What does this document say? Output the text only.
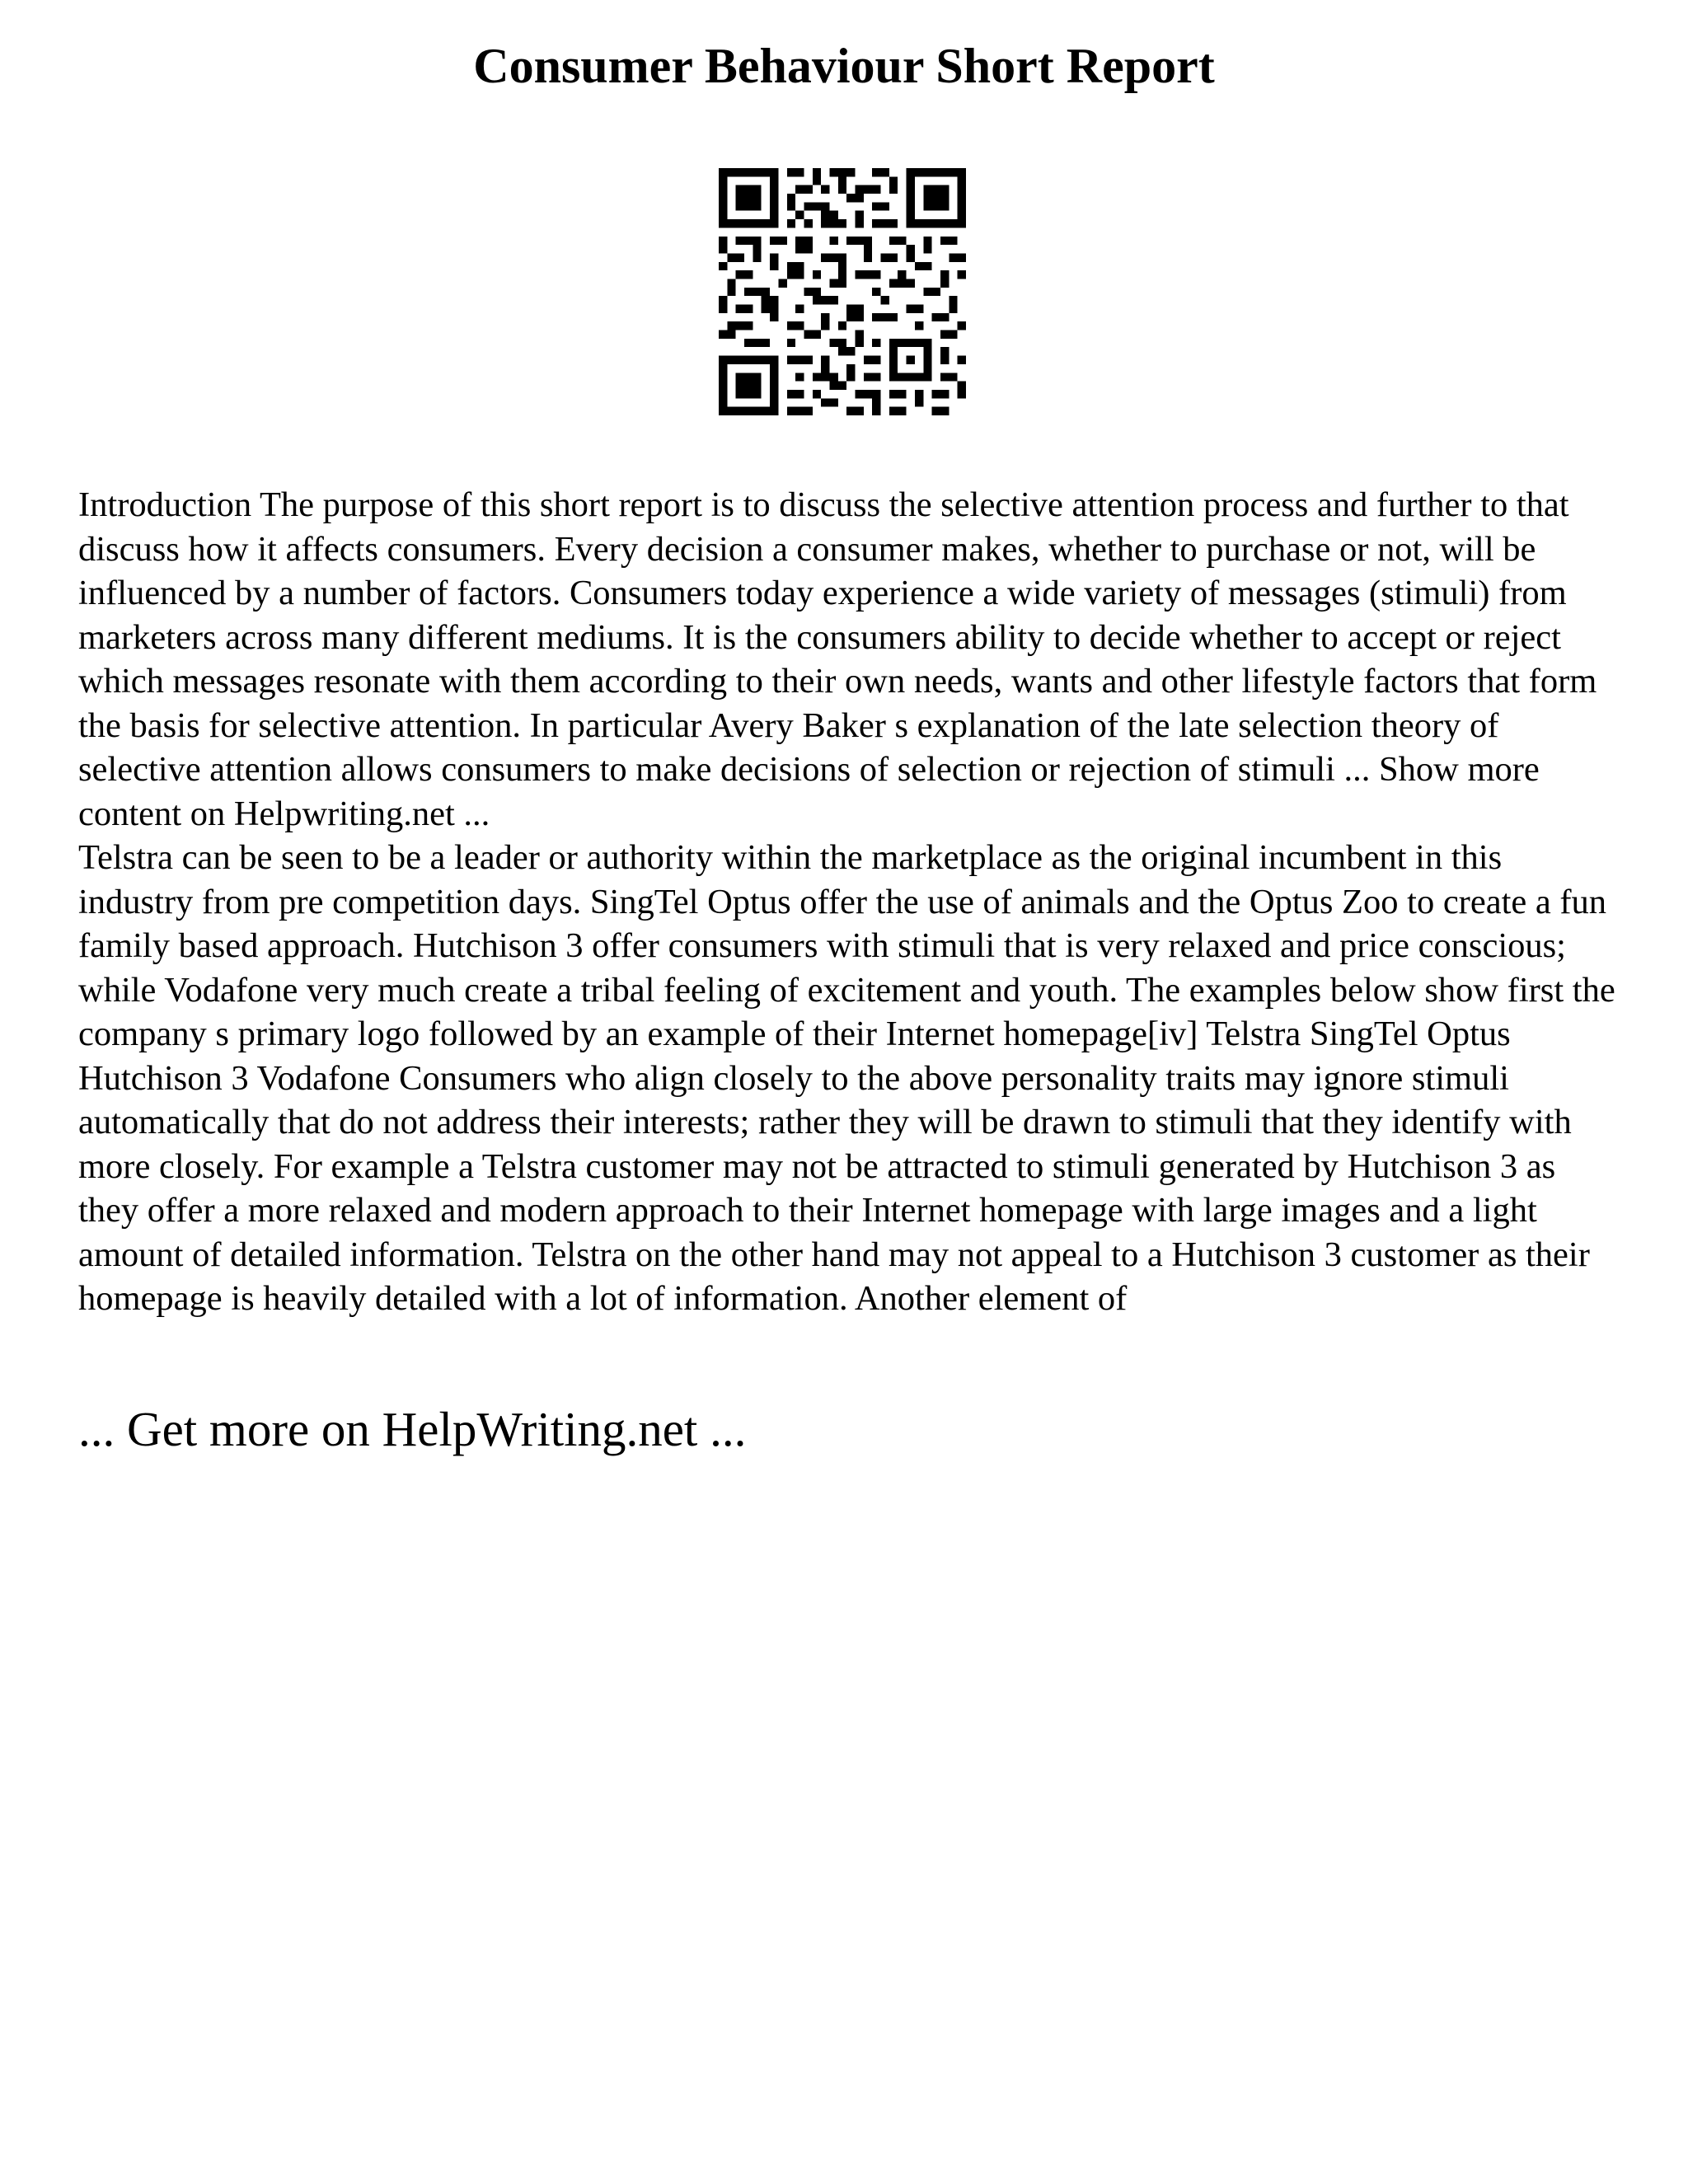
Consumer Behaviour Short Report

Introduction The purpose of this short report is to discuss the selective attention process and further to that discuss how it affects consumers. Every decision a consumer makes, whether to purchase or not, will be influenced by a number of factors. Consumers today experience a wide variety of messages (stimuli) from marketers across many different mediums. It is the consumers ability to decide whether to accept or reject which messages resonate with them according to their own needs, wants and other lifestyle factors that form the basis for selective attention. In particular Avery Baker s explanation of the late selection theory of selective attention allows consumers to make decisions of selection or rejection of stimuli ... Show more content on Helpwriting.net ...

Telstra can be seen to be a leader or authority within the marketplace as the original incumbent in this industry from pre competition days. SingTel Optus offer the use of animals and the Optus Zoo to create a fun family based approach. Hutchison 3 offer consumers with stimuli that is very relaxed and price conscious; while Vodafone very much create a tribal feeling of excitement and youth. The examples below show first the company s primary logo followed by an example of their Internet homepage[iv] Telstra SingTel Optus Hutchison 3 Vodafone Consumers who align closely to the above personality traits may ignore stimuli automatically that do not address their interests; rather they will be drawn to stimuli that they identify with more closely. For example a Telstra customer may not be attracted to stimuli generated by Hutchison 3 as they offer a more relaxed and modern approach to their Internet homepage with large images and a light amount of detailed information. Telstra on the other hand may not appeal to a Hutchison 3 customer as their homepage is heavily detailed with a lot of information. Another element of

... Get more on HelpWriting.net ...
